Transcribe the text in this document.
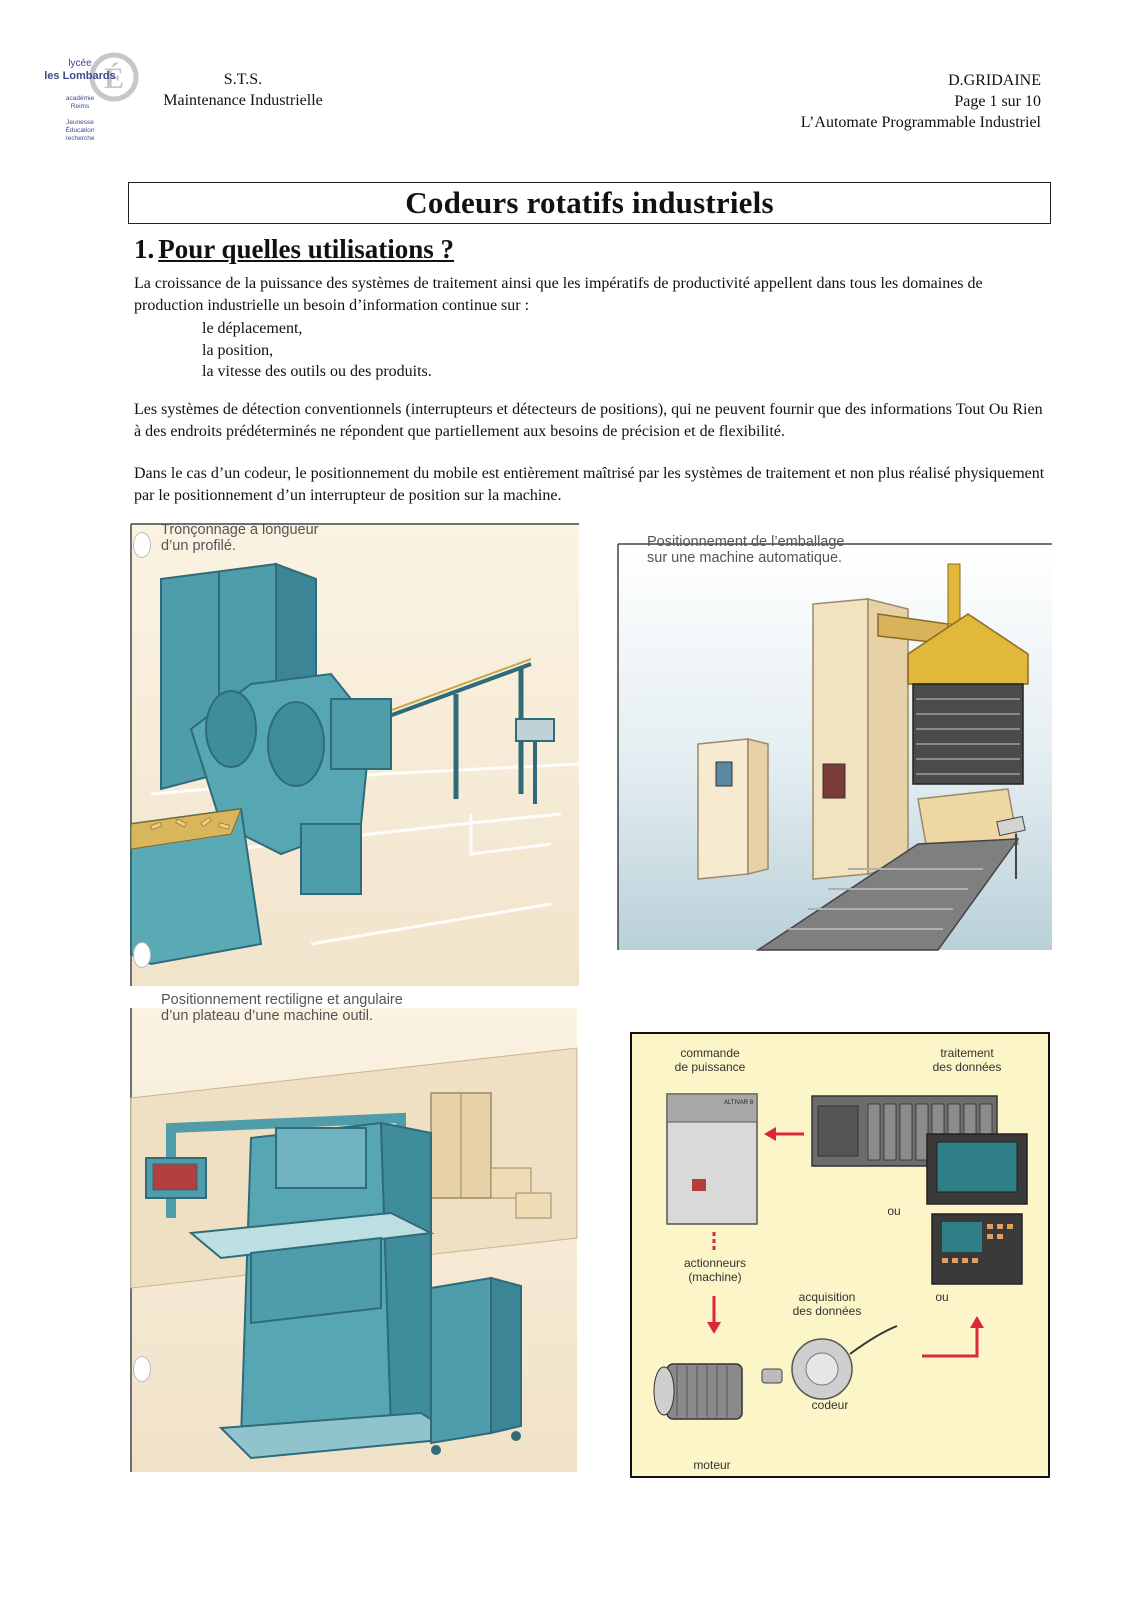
É
lycée
les Lombards
académie
Reims
Jeunesse
Éducation
recherche
S.T.S.
Maintenance Industrielle
D.GRIDAINE
Page 1 sur 10
L’Automate Programmable Industriel
Codeurs rotatifs industriels
1. Pour quelles utilisations ?
La croissance de la puissance des systèmes de traitement ainsi que les impératifs de productivité appellent dans tous les domaines de production industrielle un besoin d’information continue sur :
le déplacement,
la position,
la vitesse des outils ou des produits.
Les systèmes de détection conventionnels (interrupteurs et détecteurs de positions), qui ne peuvent fournir que des informations Tout Ou Rien à des endroits prédéterminés ne répondent que partiellement aux besoins de précision et de flexibilité.
Dans le cas d’un codeur, le positionnement du mobile est entièrement maîtrisé par les systèmes de traitement et non plus réalisé physiquement par le positionnement d’un interrupteur de position sur la machine.
Tronçonnage à longueur
d’un profilé.	Positionnement de l’emballage
sur une machine automatique.
Positionnement rectiligne et angulaire
d’un plateau d’une machine outil.
commande
de puissance
traitement
des données
ALTIVAR 8
ou
ou
actionneurs
(machine)
acquisition
des données
codeur
moteur
